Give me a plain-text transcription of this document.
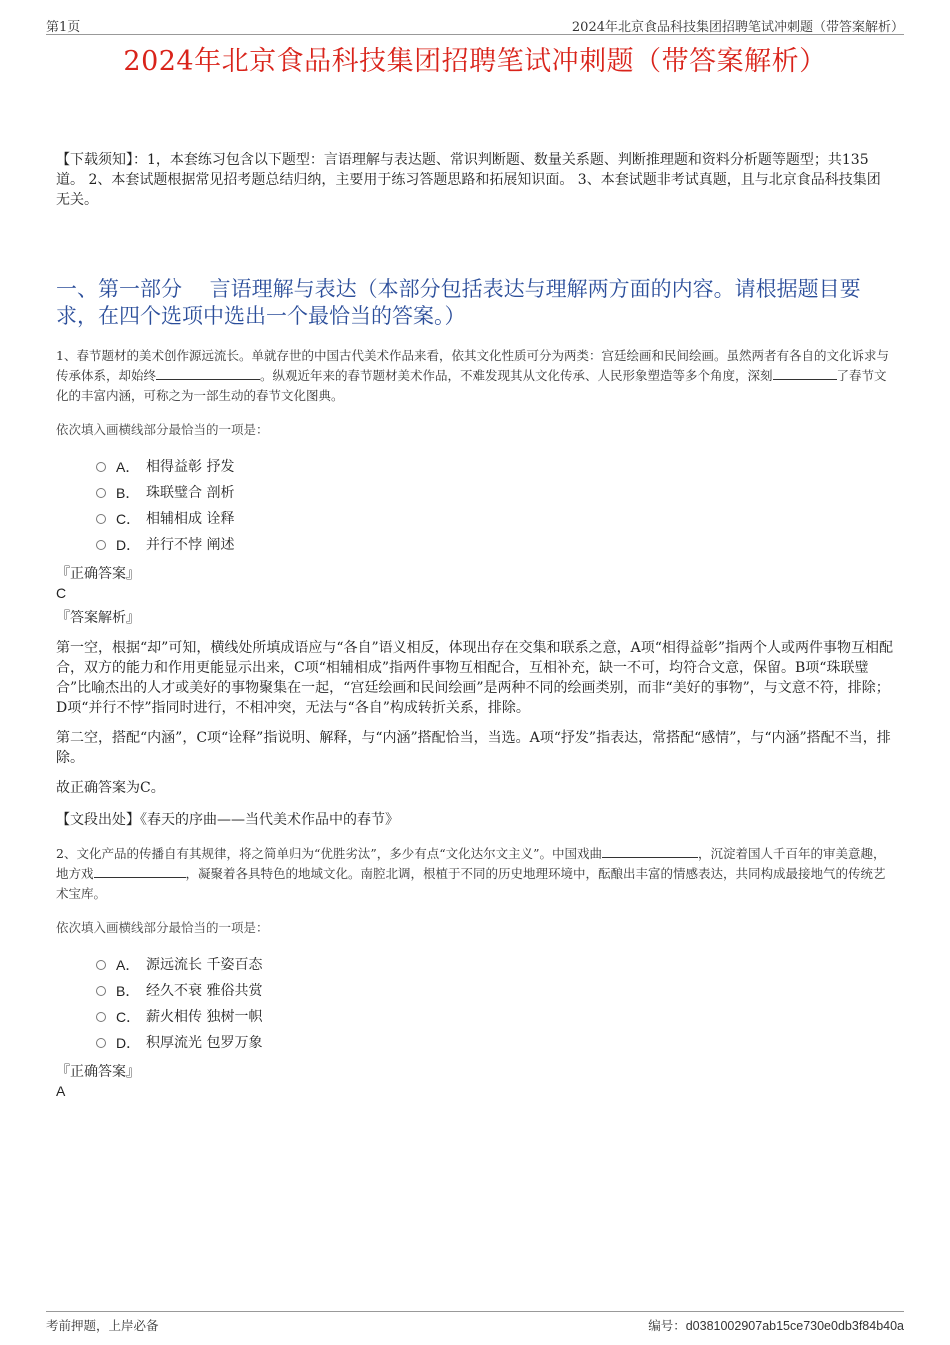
第1页	2024年北京食品科技集团招聘笔试冲刺题（带答案解析）
2024年北京食品科技集团招聘笔试冲刺题（带答案解析）
【下载须知】：1，本套练习包含以下题型：言语理解与表达题、常识判断题、数量关系题、判断推理题和资料分析题等题型；共135道。 2、本套试题根据常见招考题总结归纳，主要用于练习答题思路和拓展知识面。 3、本套试题非考试真题，且与北京食品科技集团无关。
一、第一部分　 言语理解与表达（本部分包括表达与理解两方面的内容。请根据题目要求，在四个选项中选出一个最恰当的答案。）
1、春节题材的美术创作源远流长。单就存世的中国古代美术作品来看，依其文化性质可分为两类：宫廷绘画和民间绘画。虽然两者有各自的文化诉求与传承体系，却始终	。纵观近年来的春节题材美术作品，不难发现其从文化传承、人民形象塑造等多个角度，深刻	了春节文化的丰富内涵，可称之为一部生动的春节文化图典。
依次填入画横线部分最恰当的一项是：
A． 相得益彰 抒发
B． 珠联璧合 剖析
C． 相辅相成 诠释
D． 并行不悖 阐述
『正确答案』
C
『答案解析』

第一空，根据“却”可知，横线处所填成语应与“各自”语义相反，体现出存在交集和联系之意，A项“相得益彰”指两个人或两件事物互相配合，双方的能力和作用更能显示出来，C项“相辅相成”指两件事物互相配合，互相补充，缺一不可，均符合文意，保留。B项“珠联璧合”比喻杰出的人才或美好的事物聚集在一起，“宫廷绘画和民间绘画”是两种不同的绘画类别，而非“美好的事物”，与文意不符，排除；D项“并行不悖”指同时进行，不相冲突，无法与“各自”构成转折关系，排除。

第二空，搭配“内涵”，C项“诠释”指说明、解释，与“内涵”搭配恰当，当选。A项“抒发”指表达，常搭配“感情”，与“内涵”搭配不当，排除。

故正确答案为C。

【文段出处】《春天的序曲——当代美术作品中的春节》
2、文化产品的传播自有其规律，将之简单归为“优胜劣汰”，多少有点“文化达尔文主义”。中国戏曲	，沉淀着国人千百年的审美意趣，地方戏	，凝聚着各具特色的地域文化。南腔北调，根植于不同的历史地理环境中，酝酿出丰富的情感表达，共同构成最接地气的传统艺术宝库。
依次填入画横线部分最恰当的一项是：
A． 源远流长 千姿百态
B． 经久不衰 雅俗共赏
C． 薪火相传 独树一帜
D． 积厚流光 包罗万象
『正确答案』
A
考前押题，上岸必备	编号：d0381002907ab15ce730e0db3f84b40a
